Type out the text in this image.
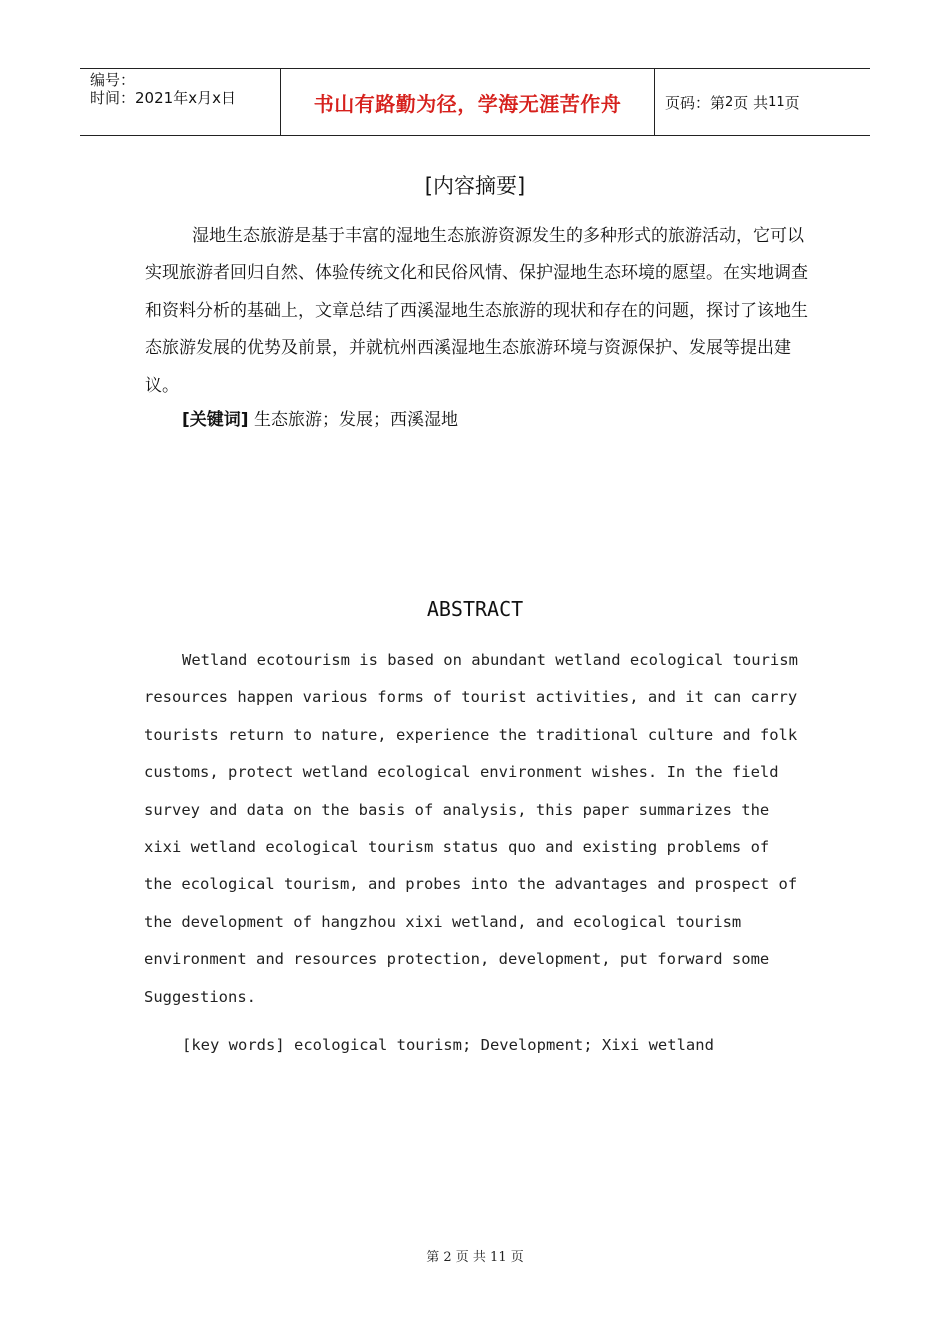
编号：
时间：2021年x月x日	书山有路勤为径，学海无涯苦作舟	页码：第 2 页 共 11 页
[内容摘要]
湿地生态旅游是基于丰富的湿地生态旅游资源发生的多种形式的旅游活动，它可以实现旅游者回归自然、体验传统文化和民俗风情、保护湿地生态环境的愿望。在实地调查和资料分析的基础上，文章总结了西溪湿地生态旅游的现状和存在的问题，探讨了该地生态旅游发展的优势及前景，并就杭州西溪湿地生态旅游环境与资源保护、发展等提出建议。
[关键词] 生态旅游；发展；西溪湿地
ABSTRACT
Wetland ecotourism is based on abundant wetland ecological tourism resources happen various forms of tourist activities, and it can carry tourists return to nature, experience the traditional culture and folk customs, protect wetland ecological environment wishes. In the field survey and data on the basis of analysis, this paper summarizes the xixi wetland ecological tourism status quo and existing problems of the ecological tourism, and probes into the advantages and prospect of the development of hangzhou xixi wetland, and ecological tourism environment and resources protection, development, put forward some Suggestions.
[key words] ecological tourism; Development; Xixi wetland
第 2 页 共 11 页
